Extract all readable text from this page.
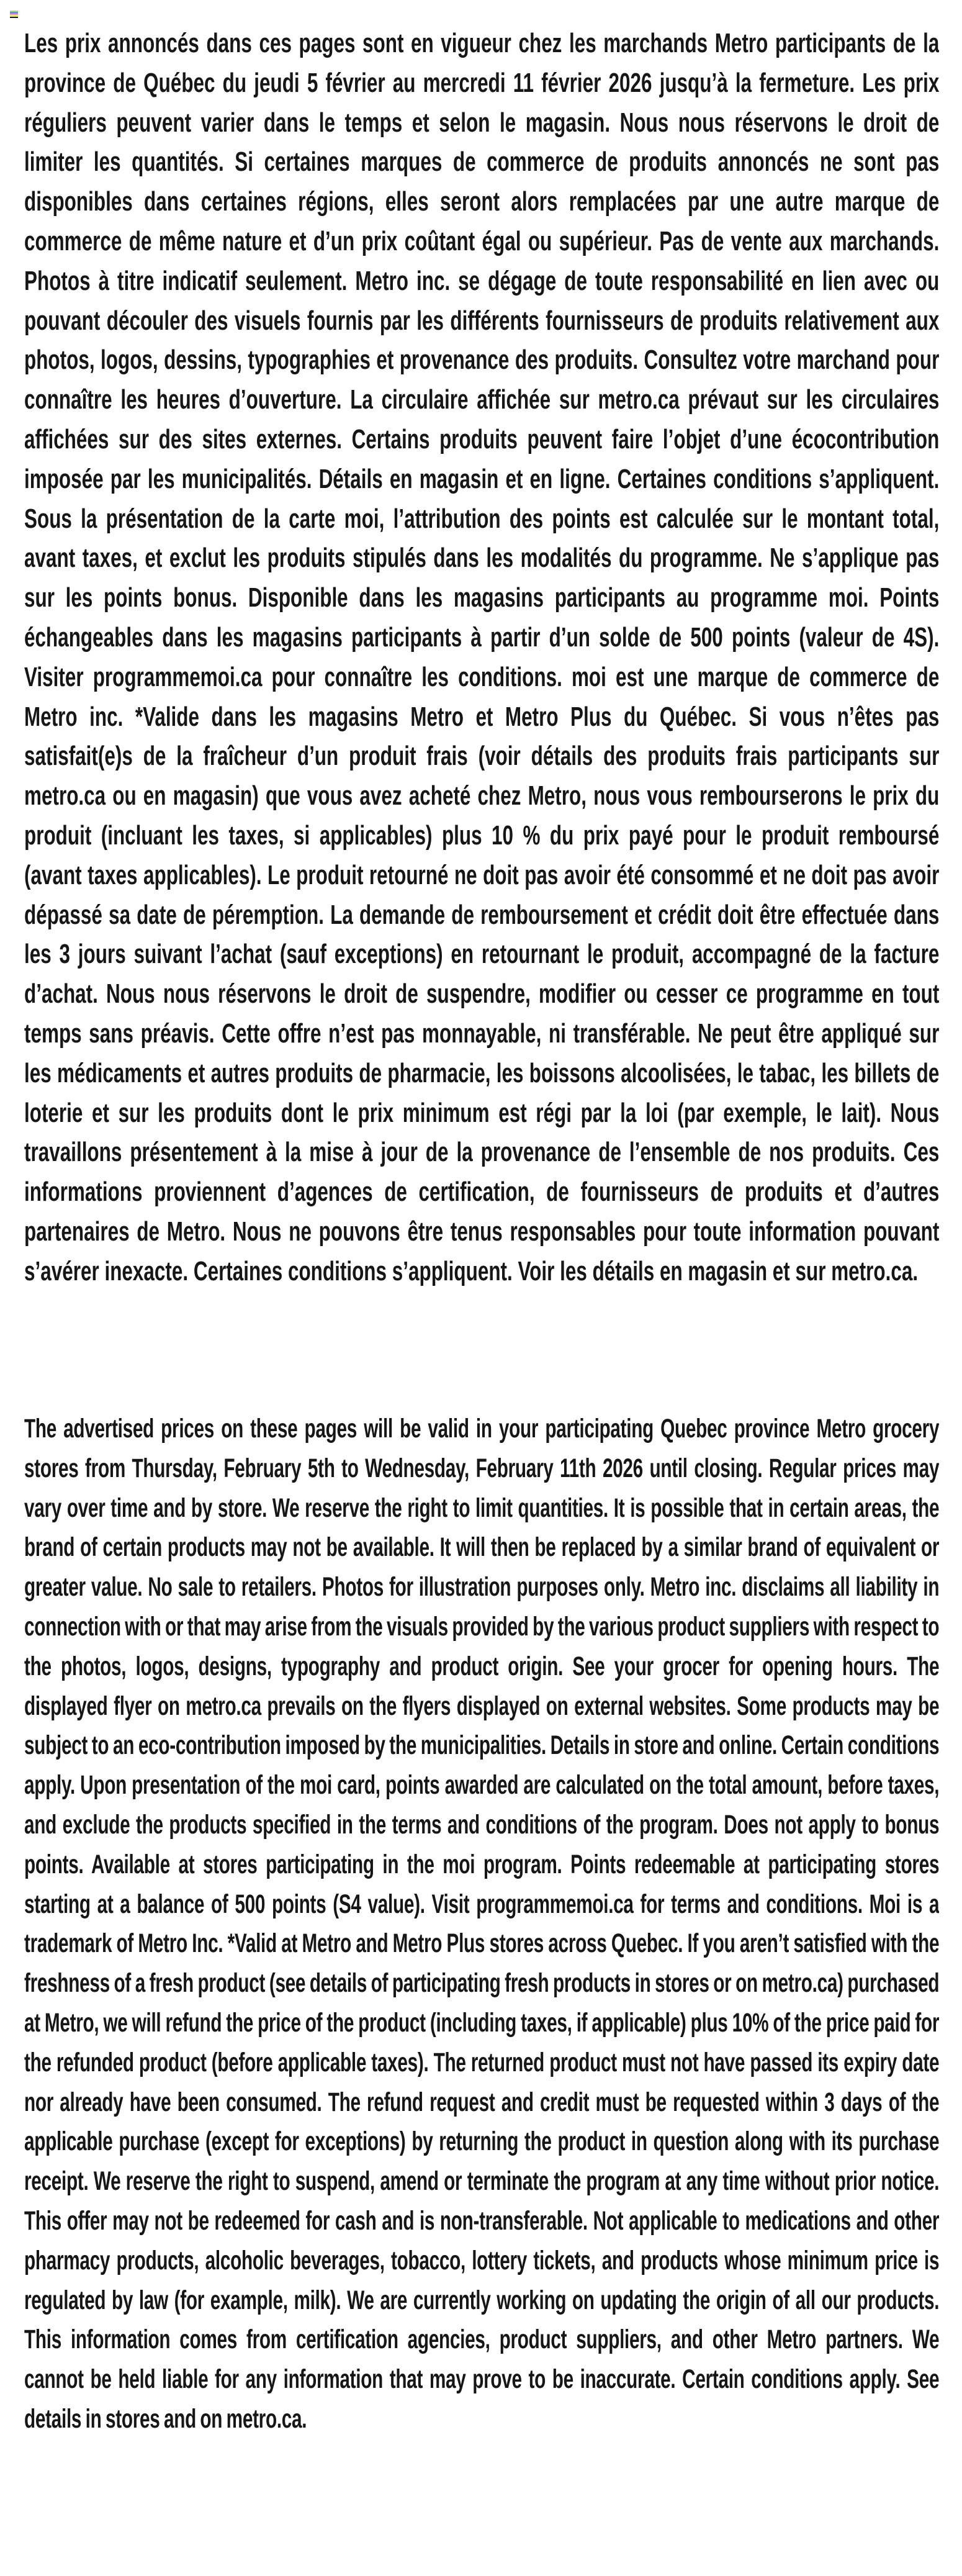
Les prix annoncés dans ces pages sont en vigueur chez les marchands Metro participants de la province de Québec du jeudi 5 février au mercredi 11 février 2026 jusqu’à la fermeture. Les prix réguliers peuvent varier dans le temps et selon le magasin. Nous nous réservons le droit de limiter les quantités. Si certaines marques de commerce de produits annoncés ne sont pas disponibles dans certaines régions, elles seront alors remplacées par une autre marque de commerce de même nature et d’un prix coûtant égal ou supérieur. Pas de vente aux marchands. Photos à titre indicatif seulement. Metro inc. se dégage de toute responsabilité en lien avec ou pouvant découler des visuels fournis par les différents fournisseurs de produits relativement aux photos, logos, dessins, typographies et provenance des produits. Consultez votre marchand pour connaître les heures d’ouverture. La circulaire affichée sur metro.ca prévaut sur les circulaires affichées sur des sites externes. Certains produits peuvent faire l’objet d’une écocontribution imposée par les municipalités. Détails en magasin et en ligne. Certaines conditions s’appliquent. Sous la présentation de la carte moi, l’attribution des points est calculée sur le montant total, avant taxes, et exclut les produits stipulés dans les modalités du programme. Ne s’applique pas sur les points bonus. Disponible dans les magasins participants au programme moi. Points échangeables dans les magasins participants à partir d’un solde de 500 points (valeur de 4S). Visiter programmemoi.ca pour connaître les conditions. moi est une marque de commerce de Metro inc. *Valide dans les magasins Metro et Metro Plus du Québec. Si vous n’êtes pas satisfait(e)s de la fraîcheur d’un produit frais (voir détails des produits frais participants sur metro.ca ou en magasin) que vous avez acheté chez Metro, nous vous rembourserons le prix du produit (incluant les taxes, si applicables) plus 10 % du prix payé pour le produit remboursé (avant taxes applicables). Le produit retourné ne doit pas avoir été consommé et ne doit pas avoir dépassé sa date de péremption. La demande de remboursement et crédit doit être effectuée dans les 3 jours suivant l’achat (sauf exceptions) en retournant le produit, accompagné de la facture d’achat. Nous nous réservons le droit de suspendre, modifier ou cesser ce programme en tout temps sans préavis. Cette offre n’est pas monnayable, ni transférable. Ne peut être appliqué sur les médicaments et autres produits de pharmacie, les boissons alcoolisées, le tabac, les billets de loterie et sur les produits dont le prix minimum est régi par la loi (par exemple, le lait). Nous travaillons présentement à la mise à jour de la provenance de l’ensemble de nos produits. Ces informations proviennent d’agences de certification, de fournisseurs de produits et d’autres partenaires de Metro. Nous ne pouvons être tenus responsables pour toute information pouvant s’avérer inexacte. Certaines conditions s’appliquent. Voir les détails en magasin et sur metro.ca.

The advertised prices on these pages will be valid in your participating Quebec province Metro grocery stores from Thursday, February 5th to Wednesday, February 11th 2026 until closing. Regular prices may vary over time and by store. We reserve the right to limit quantities. It is possible that in certain areas, the brand of certain products may not be available. It will then be replaced by a similar brand of equivalent or greater value. No sale to retailers. Photos for illustration purposes only. Metro inc. disclaims all liability in connection with or that may arise from the visuals provided by the various product suppliers with respect to the photos, logos, designs, typography and product origin. See your grocer for opening hours. The displayed flyer on metro.ca prevails on the flyers displayed on external websites. Some products may be subject to an eco-contribution imposed by the municipalities. Details in store and online. Certain conditions apply. Upon presentation of the moi card, points awarded are calculated on the total amount, before taxes, and exclude the products specified in the terms and conditions of the program. Does not apply to bonus points. Available at stores participating in the moi program. Points redeemable at participating stores starting at a balance of 500 points (S4 value). Visit programmemoi.ca for terms and conditions. Moi is a trademark of Metro Inc. *Valid at Metro and Metro Plus stores across Quebec. If you aren’t satisfied with the freshness of a fresh product (see details of participating fresh products in stores or on metro.ca) purchased at Metro, we will refund the price of the product (including taxes, if applicable) plus 10% of the price paid for the refunded product (before applicable taxes). The returned product must not have passed its expiry date nor already have been consumed. The refund request and credit must be requested within 3 days of the applicable purchase (except for exceptions) by returning the product in question along with its purchase receipt. We reserve the right to suspend, amend or terminate the program at any time without prior notice. This offer may not be redeemed for cash and is non-transferable. Not applicable to medications and other pharmacy products, alcoholic beverages, tobacco, lottery tickets, and products whose minimum price is regulated by law (for example, milk). We are currently working on updating the origin of all our products. This information comes from certification agencies, product suppliers, and other Metro partners. We cannot be held liable for any information that may prove to be inaccurate. Certain conditions apply. See details in stores and on metro.ca.
